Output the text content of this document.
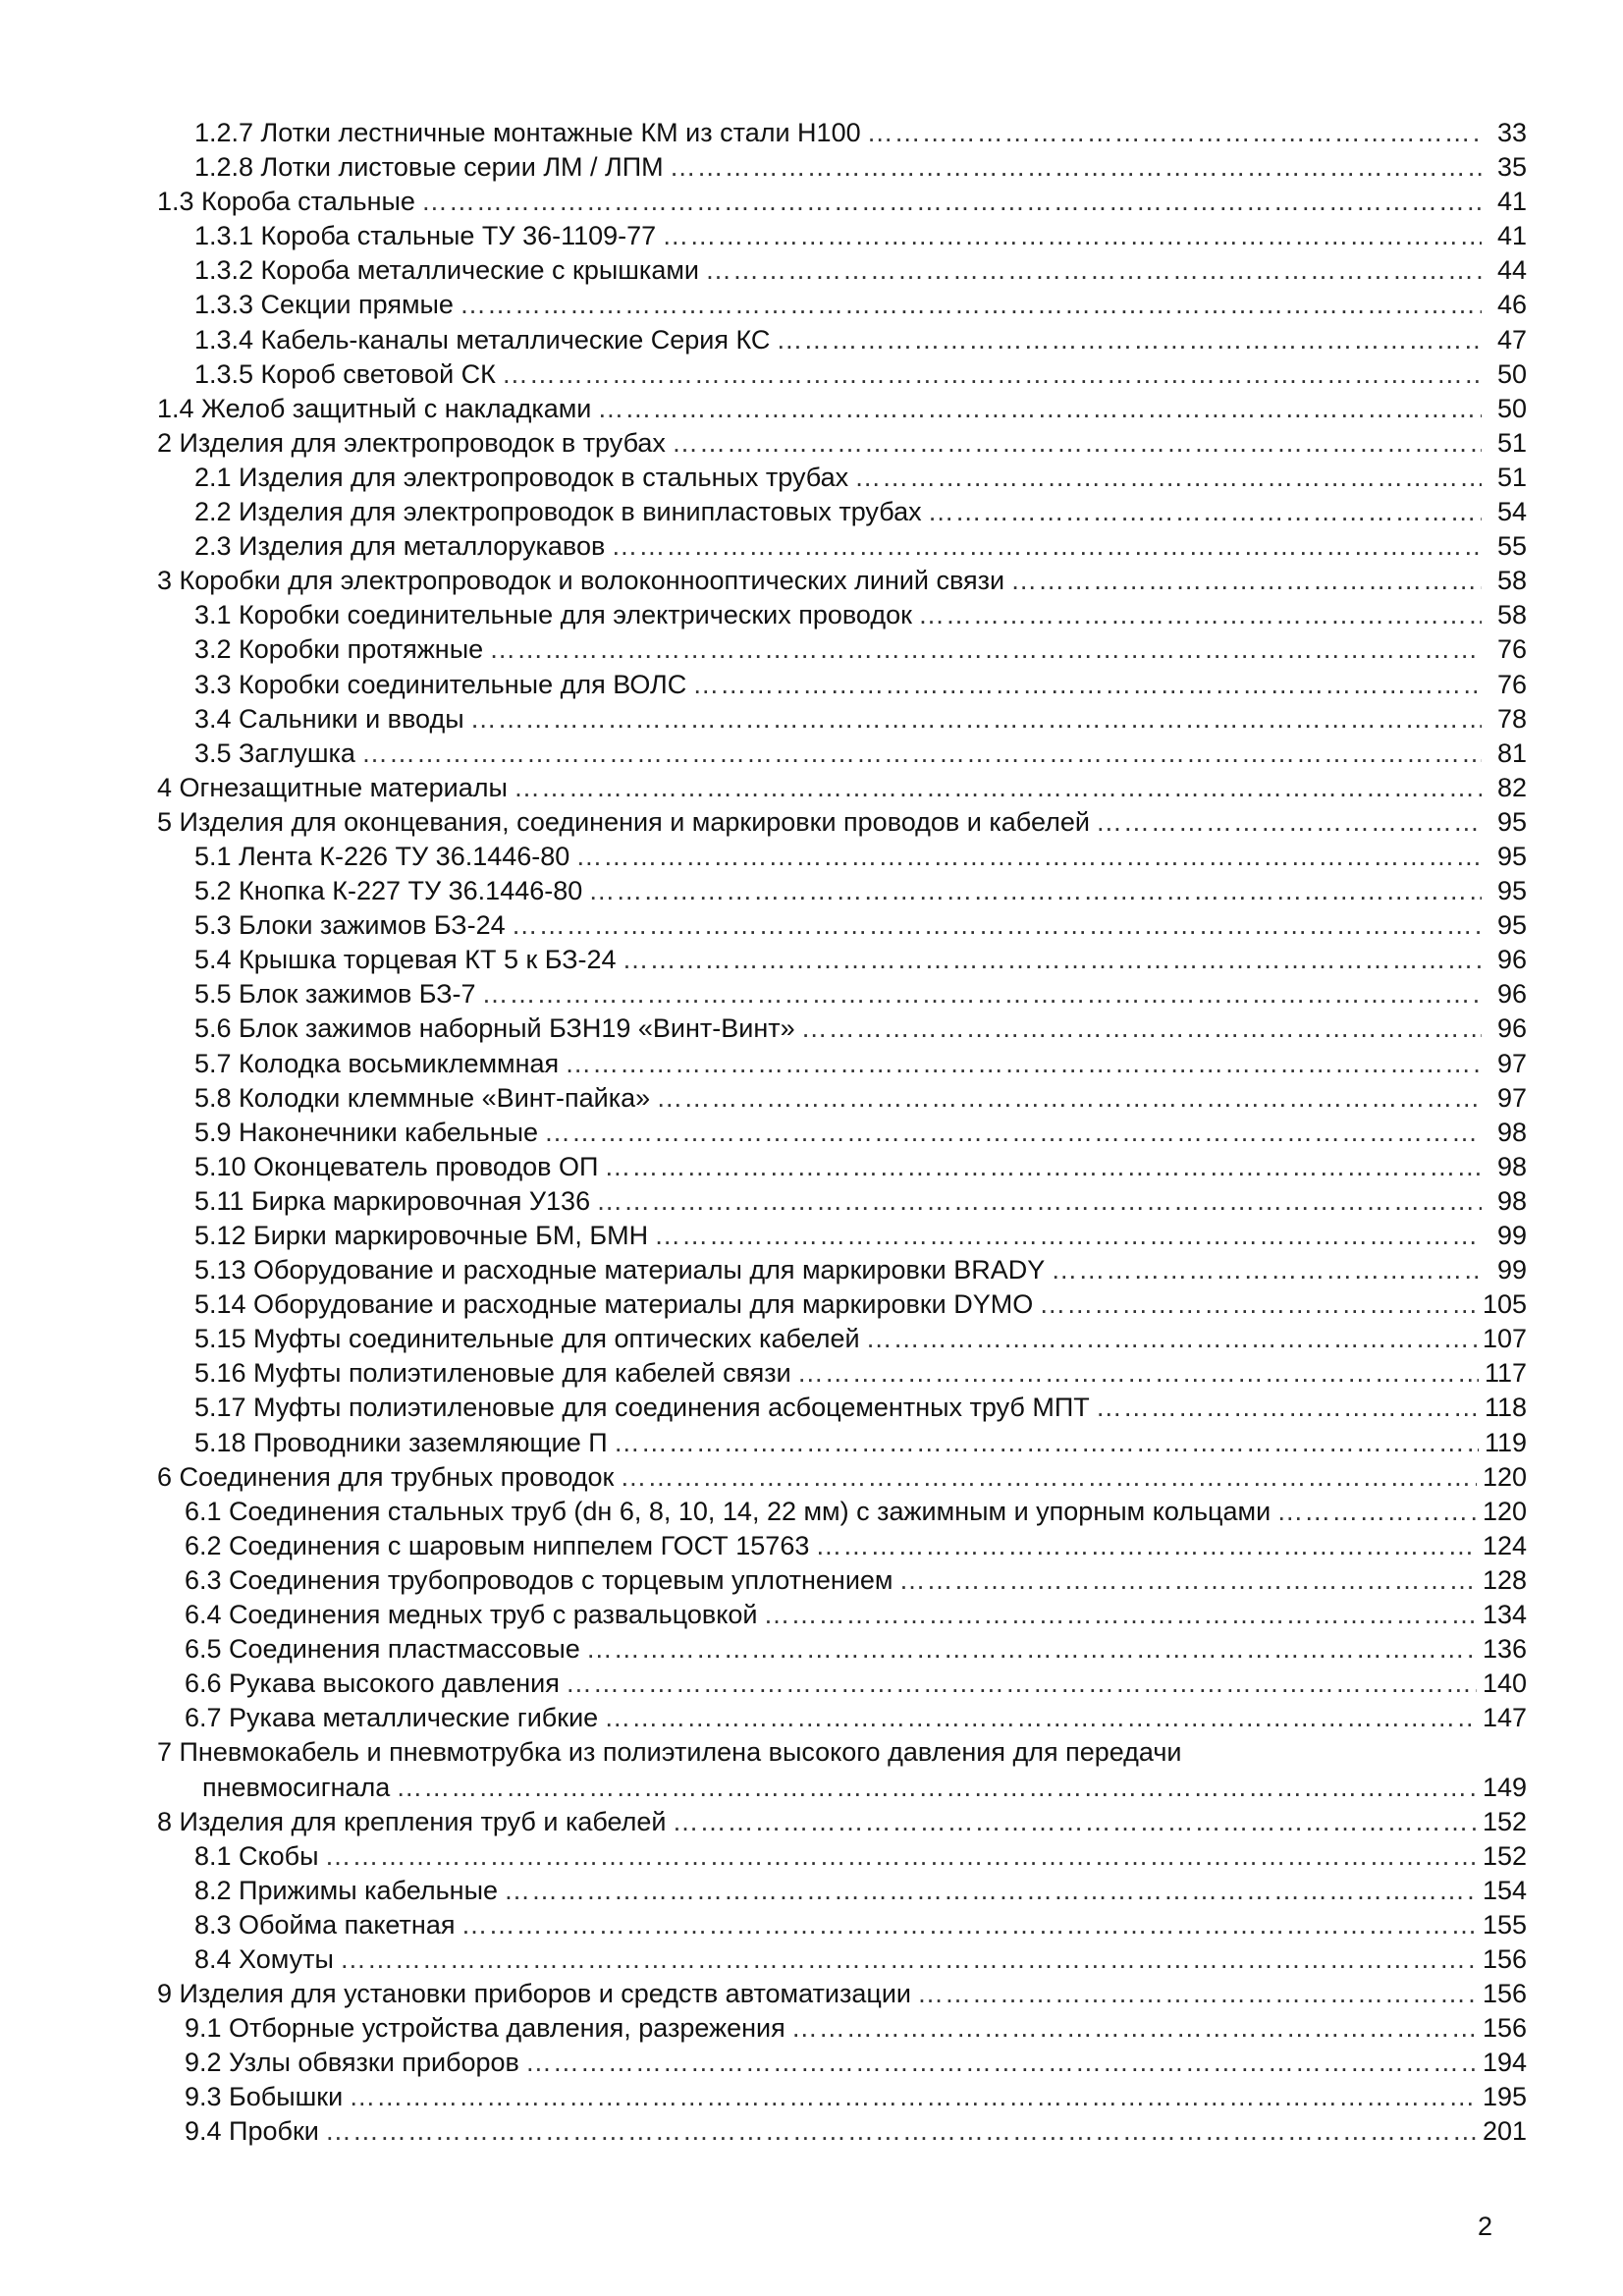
1.2.7 Лотки лестничные монтажные КМ из стали Н100 ………………………………………………………………………………………………………………………………………………………………………………………………………………………………………………………………………………	33
1.2.8 Лотки листовые серии ЛМ / ЛПМ ………………………………………………………………………………………………………………………………………………………………………………………………………………………………………………………………………………	35
1.3 Короба стальные ………………………………………………………………………………………………………………………………………………………………………………………………………………………………………………………………………………	41
1.3.1 Короба стальные ТУ 36-1109-77 ………………………………………………………………………………………………………………………………………………………………………………………………………………………………………………………………………………	41
1.3.2 Короба металлические с крышками ………………………………………………………………………………………………………………………………………………………………………………………………………………………………………………………………………………	44
1.3.3 Секции прямые ………………………………………………………………………………………………………………………………………………………………………………………………………………………………………………………………………………	46
1.3.4 Кабель-каналы металлические Серия КС ………………………………………………………………………………………………………………………………………………………………………………………………………………………………………………………………………………	47
1.3.5 Короб световой СК ………………………………………………………………………………………………………………………………………………………………………………………………………………………………………………………………………………	50
1.4 Желоб защитный с накладками ………………………………………………………………………………………………………………………………………………………………………………………………………………………………………………………………………………	50
2 Изделия для электропроводок в трубах ………………………………………………………………………………………………………………………………………………………………………………………………………………………………………………………………………………	51
2.1 Изделия для электропроводок в стальных трубах ………………………………………………………………………………………………………………………………………………………………………………………………………………………………………………………………………………	51
2.2 Изделия для электропроводок в винипластовых трубах ………………………………………………………………………………………………………………………………………………………………………………………………………………………………………………………………………………	54
2.3 Изделия для металлорукавов ………………………………………………………………………………………………………………………………………………………………………………………………………………………………………………………………………………	55
3 Коробки для электропроводок и волоконнооптических линий связи ………………………………………………………………………………………………………………………………………………………………………………………………………………………………………………………………………………	58
3.1 Коробки соединительные для электрических проводок ………………………………………………………………………………………………………………………………………………………………………………………………………………………………………………………………………………	58
3.2 Коробки протяжные ………………………………………………………………………………………………………………………………………………………………………………………………………………………………………………………………………………	76
3.3 Коробки соединительные для ВОЛС ………………………………………………………………………………………………………………………………………………………………………………………………………………………………………………………………………………	76
3.4 Сальники и вводы ………………………………………………………………………………………………………………………………………………………………………………………………………………………………………………………………………………	78
3.5 Заглушка ………………………………………………………………………………………………………………………………………………………………………………………………………………………………………………………………………………	81
4 Огнезащитные материалы ………………………………………………………………………………………………………………………………………………………………………………………………………………………………………………………………………………	82
5 Изделия для оконцевания, соединения и маркировки проводов и кабелей ………………………………………………………………………………………………………………………………………………………………………………………………………………………………………………………………………………	95
5.1 Лента К-226 ТУ 36.1446-80 ………………………………………………………………………………………………………………………………………………………………………………………………………………………………………………………………………………	95
5.2 Кнопка К-227 ТУ 36.1446-80 ………………………………………………………………………………………………………………………………………………………………………………………………………………………………………………………………………………	95
5.3 Блоки зажимов БЗ-24 ………………………………………………………………………………………………………………………………………………………………………………………………………………………………………………………………………………	95
5.4 Крышка торцевая КТ 5 к БЗ-24 ………………………………………………………………………………………………………………………………………………………………………………………………………………………………………………………………………………	96
5.5 Блок зажимов БЗ-7 ………………………………………………………………………………………………………………………………………………………………………………………………………………………………………………………………………………	96
5.6 Блок зажимов наборный БЗН19 «Винт-Винт» ………………………………………………………………………………………………………………………………………………………………………………………………………………………………………………………………………………	96
5.7 Колодка восьмиклеммная ………………………………………………………………………………………………………………………………………………………………………………………………………………………………………………………………………………	97
5.8 Колодки клеммные «Винт-пайка» ………………………………………………………………………………………………………………………………………………………………………………………………………………………………………………………………………………	97
5.9 Наконечники кабельные ………………………………………………………………………………………………………………………………………………………………………………………………………………………………………………………………………………	98
5.10 Оконцеватель проводов ОП ………………………………………………………………………………………………………………………………………………………………………………………………………………………………………………………………………………	98
5.11 Бирка маркировочная У136 ………………………………………………………………………………………………………………………………………………………………………………………………………………………………………………………………………………	98
5.12 Бирки маркировочные БМ, БМН ………………………………………………………………………………………………………………………………………………………………………………………………………………………………………………………………………………	99
5.13 Оборудование и расходные материалы для маркировки BRADY ………………………………………………………………………………………………………………………………………………………………………………………………………………………………………………………………………………	99
5.14 Оборудование и расходные материалы для маркировки DYMO ………………………………………………………………………………………………………………………………………………………………………………………………………………………………………………………………………………	105
5.15 Муфты соединительные для оптических кабелей ………………………………………………………………………………………………………………………………………………………………………………………………………………………………………………………………………………	107
5.16 Муфты полиэтиленовые для кабелей связи ………………………………………………………………………………………………………………………………………………………………………………………………………………………………………………………………………………	117
5.17 Муфты полиэтиленовые для соединения асбоцементных труб МПТ ………………………………………………………………………………………………………………………………………………………………………………………………………………………………………………………………………………	118
5.18 Проводники заземляющие П ………………………………………………………………………………………………………………………………………………………………………………………………………………………………………………………………………………	119
6 Соединения для трубных проводок ………………………………………………………………………………………………………………………………………………………………………………………………………………………………………………………………………………	120
6.1 Соединения стальных труб (dн 6, 8, 10, 14, 22 мм) с зажимным и упорным кольцами ………………………………………………………………………………………………………………………………………………………………………………………………………………………………………………………………………………	120
6.2 Соединения с шаровым ниппелем ГОСТ 15763 ………………………………………………………………………………………………………………………………………………………………………………………………………………………………………………………………………………	124
6.3 Соединения трубопроводов с торцевым уплотнением ………………………………………………………………………………………………………………………………………………………………………………………………………………………………………………………………………………	128
6.4 Соединения медных труб с развальцовкой ………………………………………………………………………………………………………………………………………………………………………………………………………………………………………………………………………………	134
6.5 Соединения пластмассовые ………………………………………………………………………………………………………………………………………………………………………………………………………………………………………………………………………………	136
6.6 Рукава высокого давления ………………………………………………………………………………………………………………………………………………………………………………………………………………………………………………………………………………	140
6.7 Рукава металлические гибкие ………………………………………………………………………………………………………………………………………………………………………………………………………………………………………………………………………………	147
7 Пневмокабель и пневмотрубка из полиэтилена высокого давления для передачи
пневмосигнала ………………………………………………………………………………………………………………………………………………………………………………………………………………………………………………………………………………	149
8 Изделия для крепления труб и кабелей ………………………………………………………………………………………………………………………………………………………………………………………………………………………………………………………………………………	152
8.1 Скобы ………………………………………………………………………………………………………………………………………………………………………………………………………………………………………………………………………………	152
8.2 Прижимы кабельные ………………………………………………………………………………………………………………………………………………………………………………………………………………………………………………………………………………	154
8.3 Обойма пакетная ………………………………………………………………………………………………………………………………………………………………………………………………………………………………………………………………………………	155
8.4 Хомуты ………………………………………………………………………………………………………………………………………………………………………………………………………………………………………………………………………………	156
9 Изделия для установки приборов и средств автоматизации ………………………………………………………………………………………………………………………………………………………………………………………………………………………………………………………………………………	156
9.1 Отборные устройства давления, разрежения ………………………………………………………………………………………………………………………………………………………………………………………………………………………………………………………………………………	156
9.2 Узлы обвязки приборов ………………………………………………………………………………………………………………………………………………………………………………………………………………………………………………………………………………	194
9.3 Бобышки ………………………………………………………………………………………………………………………………………………………………………………………………………………………………………………………………………………	195
9.4 Пробки ………………………………………………………………………………………………………………………………………………………………………………………………………………………………………………………………………………	201
2
